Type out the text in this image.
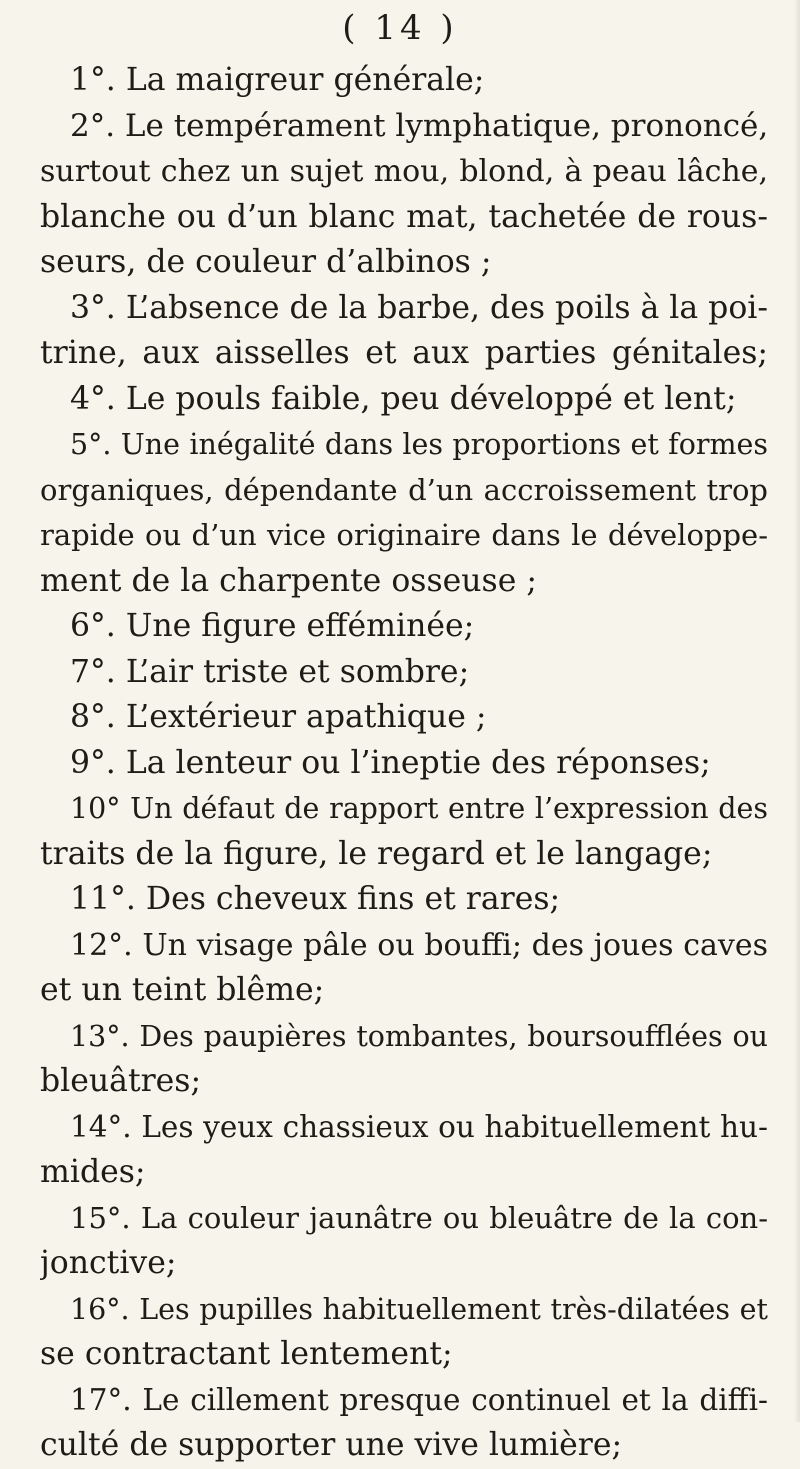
( 14 )
1°. La maigreur générale;
2°. Le tempérament lymphatique, prononcé,
surtout chez un sujet mou, blond, à peau lâche,
blanche ou d’un blanc mat, tachetée de rous-
seurs, de couleur d’albinos ;
3°. L’absence de la barbe, des poils à la poi-
trine, aux aisselles et aux parties génitales;
4°. Le pouls faible, peu développé et lent;
5°. Une inégalité dans les proportions et formes
organiques, dépendante d’un accroissement trop
rapide ou d’un vice originaire dans le développe-
ment de la charpente osseuse ;
6°. Une figure efféminée;
7°. L’air triste et sombre;
8°. L’extérieur apathique ;
9°. La lenteur ou l’ineptie des réponses;
10° Un défaut de rapport entre l’expression des
traits de la figure, le regard et le langage;
11°. Des cheveux fins et rares;
12°. Un visage pâle ou bouffi; des joues caves
et un teint blême;
13°. Des paupières tombantes, boursoufflées ou
bleuâtres;
14°. Les yeux chassieux ou habituellement hu-
mides;
15°. La couleur jaunâtre ou bleuâtre de la con-
jonctive;
16°. Les pupilles habituellement très-dilatées et
se contractant lentement;
17°. Le cillement presque continuel et la diffi-
culté de supporter une vive lumière;
